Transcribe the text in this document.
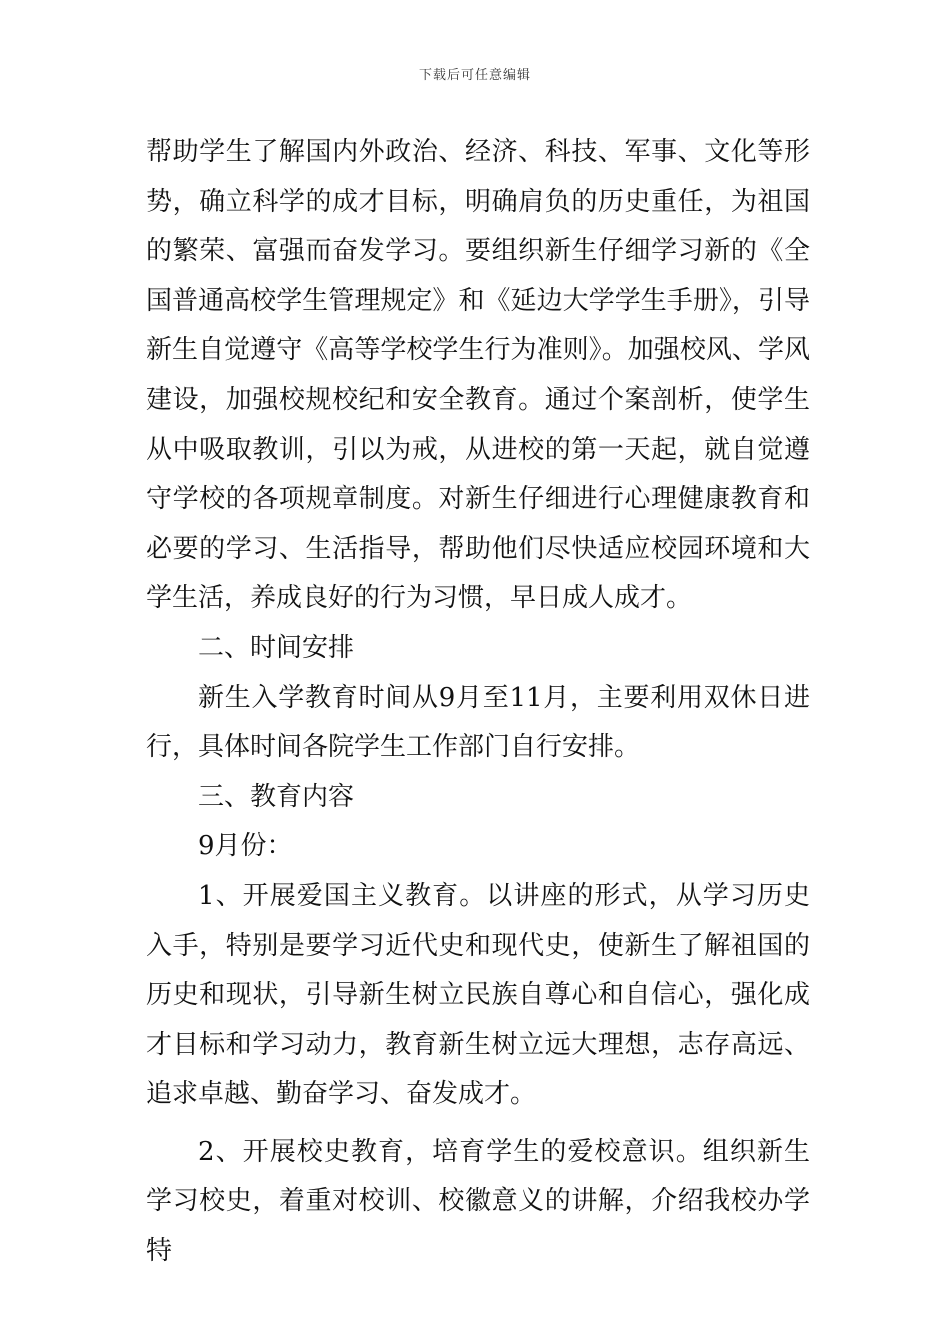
下载后可任意编辑

帮助学生了解国内外政治、经济、科技、军事、文化等形势，确立科学的成才目标，明确肩负的历史重任，为祖国的繁荣、富强而奋发学习。要组织新生仔细学习新的《全国普通高校学生管理规定》和《延边大学学生手册》，引导新生自觉遵守《高等学校学生行为准则》。加强校风、学风建设，加强校规校纪和安全教育。通过个案剖析，使学生从中吸取教训，引以为戒，从进校的第一天起，就自觉遵守学校的各项规章制度。对新生仔细进行心理健康教育和必要的学习、生活指导，帮助他们尽快适应校园环境和大学生活，养成良好的行为习惯，早日成人成才。

二、时间安排

新生入学教育时间从9月至11月，主要利用双休日进行，具体时间各院学生工作部门自行安排。

三、教育内容

9月份：

1、开展爱国主义教育。以讲座的形式，从学习历史入手，特别是要学习近代史和现代史，使新生了解祖国的历史和现状，引导新生树立民族自尊心和自信心，强化成才目标和学习动力，教育新生树立远大理想，志存高远、追求卓越、勤奋学习、奋发成才。

2、开展校史教育，培育学生的爱校意识。组织新生学习校史，着重对校训、校徽意义的讲解，介绍我校办学特
